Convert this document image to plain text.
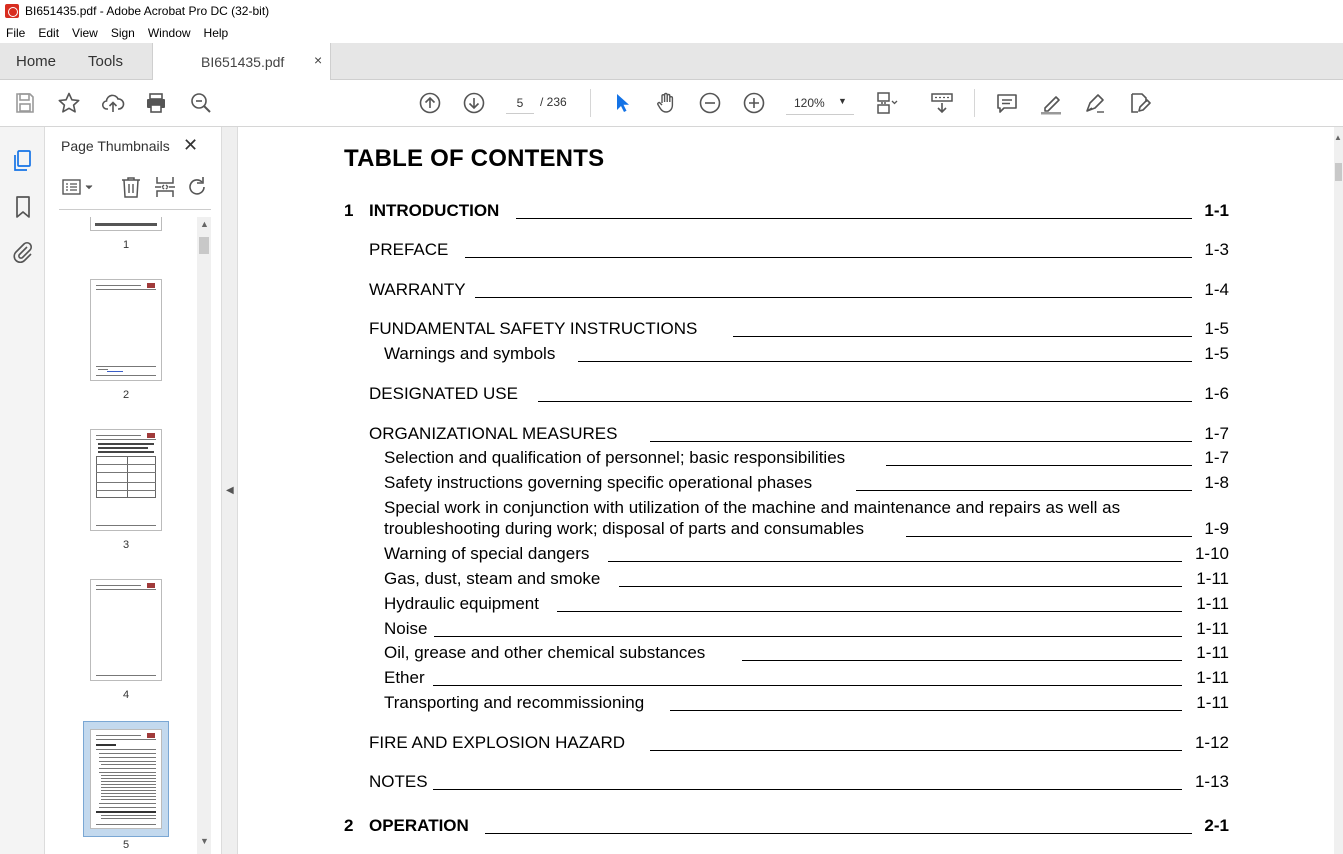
BI651435.pdf - Adobe Acrobat Pro DC (32-bit)
File Edit View Sign Window Help
Home Tools	BI651435.pdf ×
5
/ 236	120% ▼
Page Thumbnails ✕
1
2
3
4
5
▲
▼
◀
▲
TABLE OF CONTENTS
1 INTRODUCTION	1-1
PREFACE	1-3
WARRANTY	1-4
FUNDAMENTAL SAFETY INSTRUCTIONS	1-5
Warnings and symbols	1-5
DESIGNATED USE	1-6
ORGANIZATIONAL MEASURES	1-7
Selection and qualification of personnel; basic responsibilities	1-7
Safety instructions governing specific operational phases	1-8
Special work in conjunction with utilization of the machine and maintenance and repairs as well as
troubleshooting during work; disposal of parts and consumables	1-9
Warning of special dangers	1-10
Gas, dust, steam and smoke	1-11
Hydraulic equipment	1-11
Noise	1-11
Oil, grease and other chemical substances	1-11
Ether	1-11
Transporting and recommissioning	1-11
FIRE AND EXPLOSION HAZARD	1-12
NOTES	1-13
2 OPERATION	2-1
